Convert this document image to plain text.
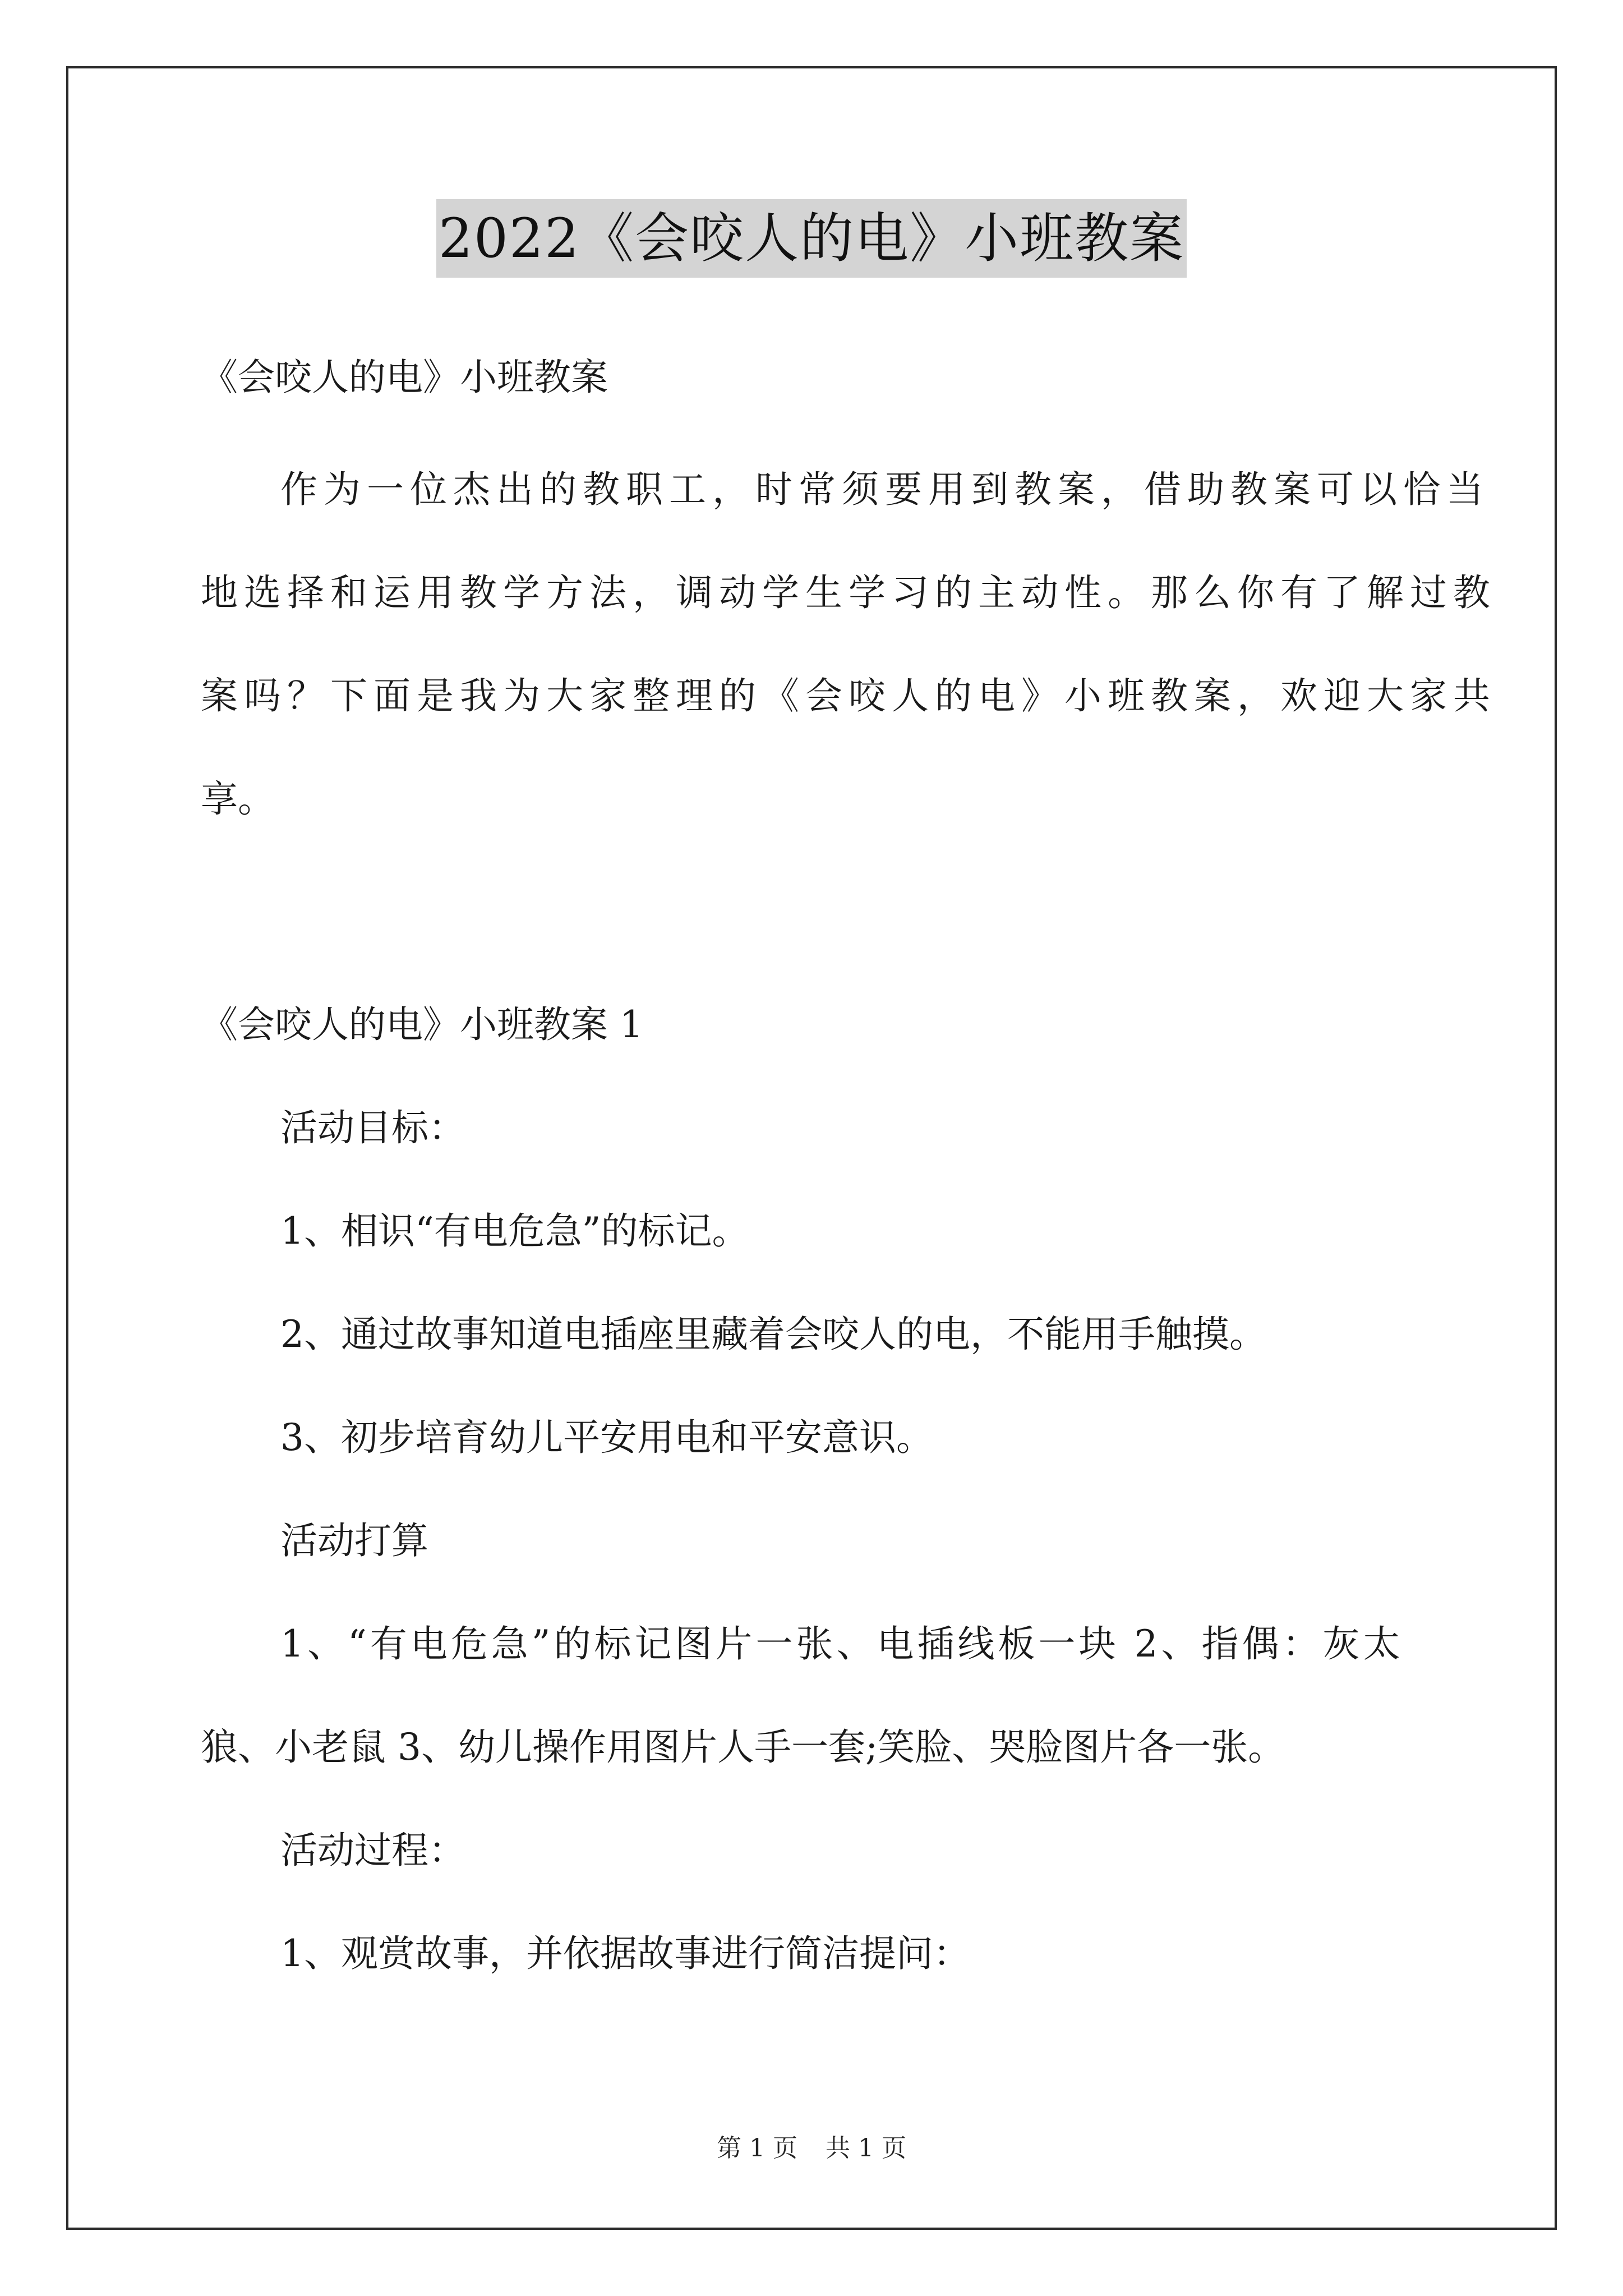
2022《会咬人的电》小班教案
《会咬人的电》小班教案
作为一位杰出的教职工，时常须要用到教案，借助教案可以恰当
地选择和运用教学方法，调动学生学习的主动性。那么你有了解过教
案吗？下面是我为大家整理的《会咬人的电》小班教案，欢迎大家共
享。
《会咬人的电》小班教案 1
活动目标：
1、相识“有电危急”的标记。
2、通过故事知道电插座里藏着会咬人的电，不能用手触摸。
3、初步培育幼儿平安用电和平安意识。
活动打算
1、“有电危急”的标记图片一张、电插线板一块 2、指偶：灰太
狼、小老鼠 3、幼儿操作用图片人手一套;笑脸、哭脸图片各一张。
活动过程：
1、观赏故事，并依据故事进行简洁提问：
第 1 页 共 1 页
